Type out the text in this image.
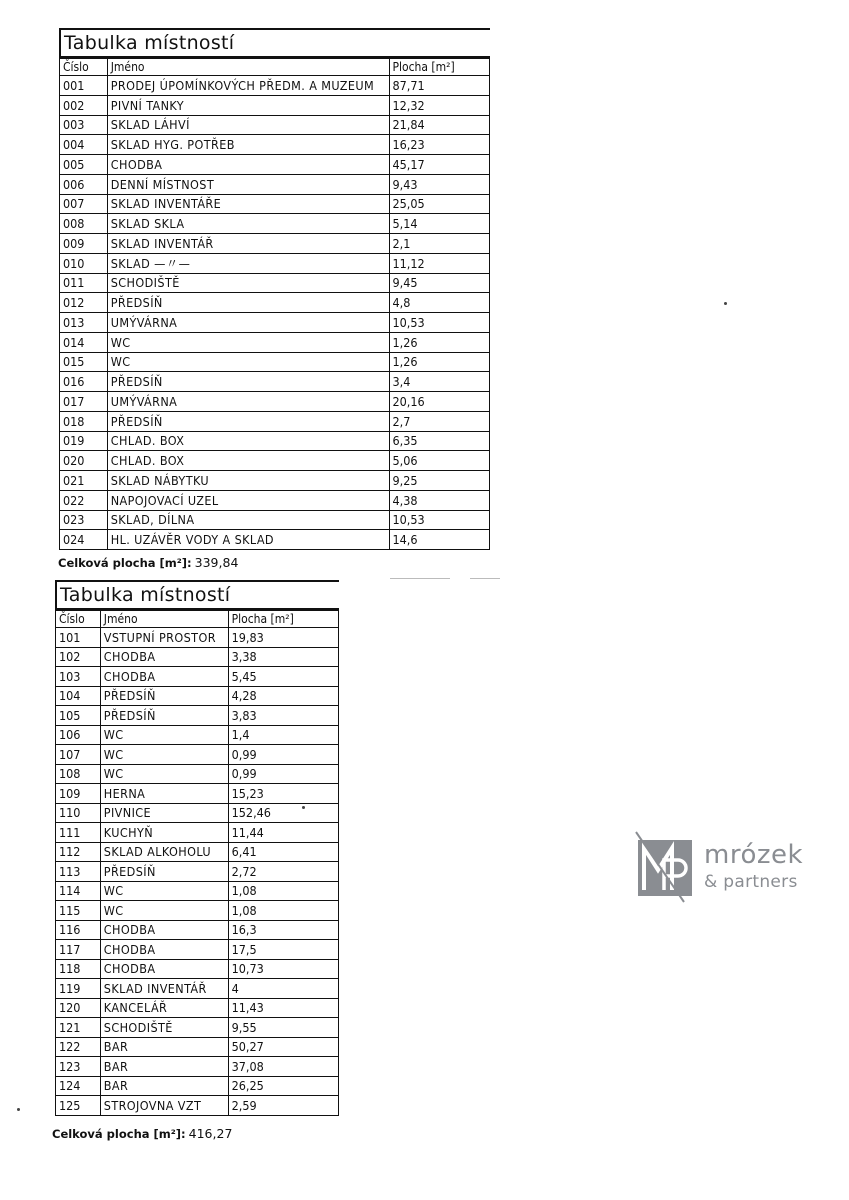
Tabulka místností
Číslo	Jméno	Plocha [m²]
001	PRODEJ ÚPOMÍNKOVÝCH PŘEDM. A MUZEUM	87,71
002	PIVNÍ TANKY	12,32
003	SKLAD LÁHVÍ	21,84
004	SKLAD HYG. POTŘEB	16,23
005	CHODBA	45,17
006	DENNÍ MÍSTNOST	9,43
007	SKLAD INVENTÁŘE	25,05
008	SKLAD SKLA	5,14
009	SKLAD INVENTÁŘ	2,1
010	SKLAD —〃—	11,12
011	SCHODIŠTĚ	9,45
012	PŘEDSÍŇ	4,8
013	UMÝVÁRNA	10,53
014	WC	1,26
015	WC	1,26
016	PŘEDSÍŇ	3,4
017	UMÝVÁRNA	20,16
018	PŘEDSÍŇ	2,7
019	CHLAD. BOX	6,35
020	CHLAD. BOX	5,06
021	SKLAD NÁBYTKU	9,25
022	NAPOJOVACÍ UZEL	4,38
023	SKLAD, DÍLNA	10,53
024	HL. UZÁVĚR VODY A SKLAD	14,6
Celková plocha [m²]: 339,84
Tabulka místností
Číslo	Jméno	Plocha [m²]
101	VSTUPNÍ PROSTOR	19,83
102	CHODBA	3,38
103	CHODBA	5,45
104	PŘEDSÍŇ	4,28
105	PŘEDSÍŇ	3,83
106	WC	1,4
107	WC	0,99
108	WC	0,99
109	HERNA	15,23
110	PIVNICE	152,46
111	KUCHYŇ	11,44
112	SKLAD ALKOHOLU	6,41
113	PŘEDSÍŇ	2,72
114	WC	1,08
115	WC	1,08
116	CHODBA	16,3
117	CHODBA	17,5
118	CHODBA	10,73
119	SKLAD INVENTÁŘ	4
120	KANCELÁŘ	11,43
121	SCHODIŠTĚ	9,55
122	BAR	50,27
123	BAR	37,08
124	BAR	26,25
125	STROJOVNA VZT	2,59
Celková plocha [m²]: 416,27
mrózek
& partners
